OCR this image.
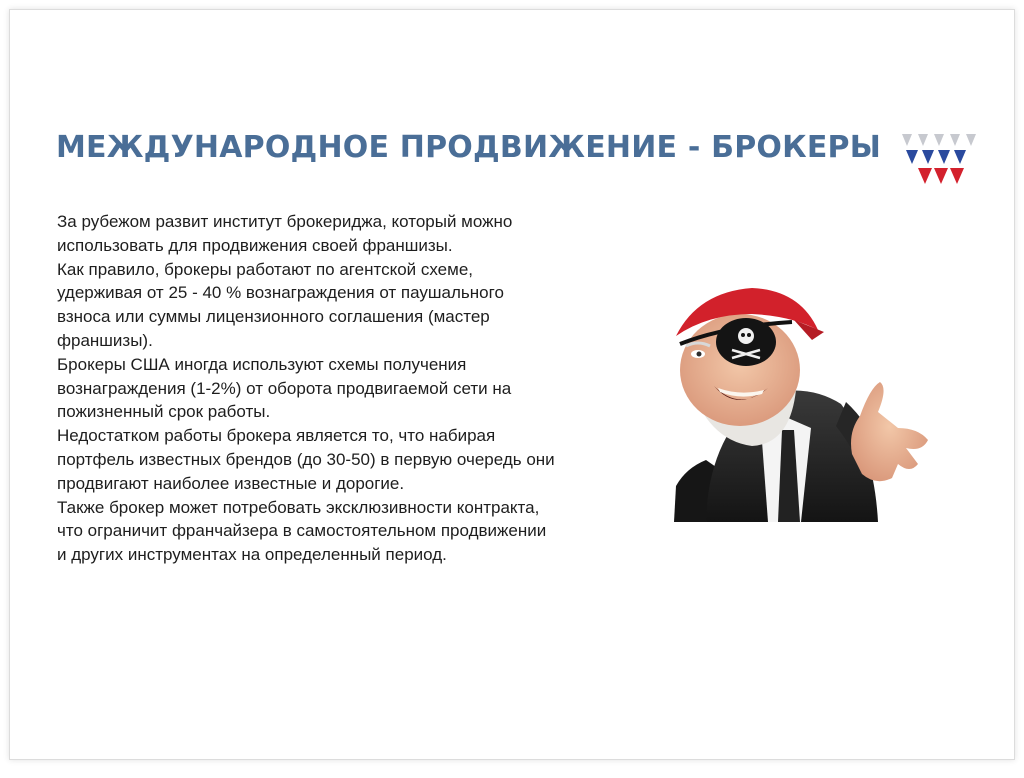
МЕЖДУНАРОДНОЕ ПРОДВИЖЕНИЕ - БРОКЕРЫ

За рубежом развит институт брокериджа, который можно использовать для продвижения своей франшизы.

Как правило, брокеры работают по агентской схеме, удерживая от 25 - 40 % вознаграждения от паушального взноса или суммы лицензионного соглашения (мастер франшизы).

Брокеры США иногда используют схемы получения вознаграждения (1-2%) от оборота продвигаемой сети на пожизненный срок работы.

Недостатком работы брокера является то, что набирая портфель известных брендов (до 30-50) в первую очередь они продвигают наиболее известные и дорогие.

Также брокер может потребовать эксклюзивности контракта, что ограничит франчайзера в самостоятельном продвижении и других инструментах на определенный период.
